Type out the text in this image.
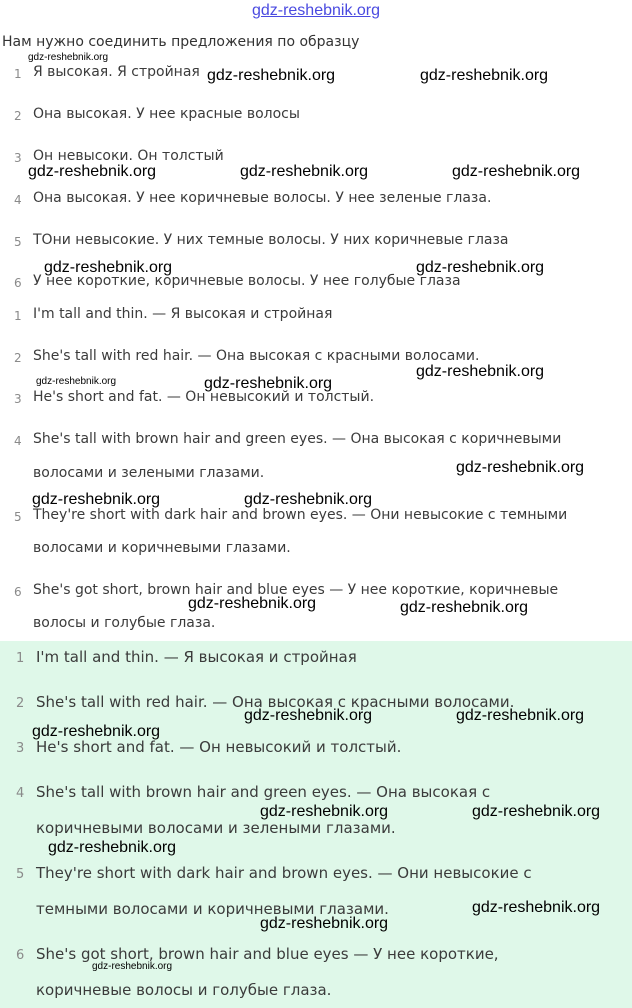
gdz-reshebnik.org
Нам нужно соединить предложения по образцу
1 Я высокая. Я стройная
2 Она высокая. У нее красные волосы
3 Он невысоки. Он толстый
4 Она высокая. У нее коричневые волосы. У нее зеленые глаза.
5 TОни невысокие. У них темные волосы. У них коричневые глаза
6 У нее короткие, коричневые волосы. У нее голубые глаза
1 I'm tall and thin. — Я высокая и стройная
2 She's tall with red hair. — Она высокая с красными волосами.
3 He's short and fat. — Он невысокий и толстый.
4 She's tall with brown hair and green eyes. — Она высокая с коричневыми
волосами и зелеными глазами.
5 They're short with dark hair and brown eyes. — Они невысокие с темными
волосами и коричневыми глазами.
6 She's got short, brown hair and blue eyes — У нее короткие, коричневые
волосы и голубые глаза.
1 I'm tall and thin. — Я высокая и стройная
2 She's tall with red hair. — Она высокая с красными волосами.
3 He's short and fat. — Он невысокий и толстый.
4 She's tall with brown hair and green eyes. — Она высокая с
коричневыми волосами и зелеными глазами.
5 They're short with dark hair and brown eyes. — Они невысокие с
темными волосами и коричневыми глазами.
6 She's got short, brown hair and blue eyes — У нее короткие,
коричневые волосы и голубые глаза.
gdz-reshebnik.org
gdz-reshebnik.org	gdz-reshebnik.org
gdz-reshebnik.org	gdz-reshebnik.org	gdz-reshebnik.org
gdz-reshebnik.org	gdz-reshebnik.org
gdz-reshebnik.org	gdz-reshebnik.org
gdz-reshebnik.org
gdz-reshebnik.org
gdz-reshebnik.org	gdz-reshebnik.org
gdz-reshebnik.org	gdz-reshebnik.org
gdz-reshebnik.org	gdz-reshebnik.org
gdz-reshebnik.org
gdz-reshebnik.org	gdz-reshebnik.org
gdz-reshebnik.org
gdz-reshebnik.org
gdz-reshebnik.org
gdz-reshebnik.org
